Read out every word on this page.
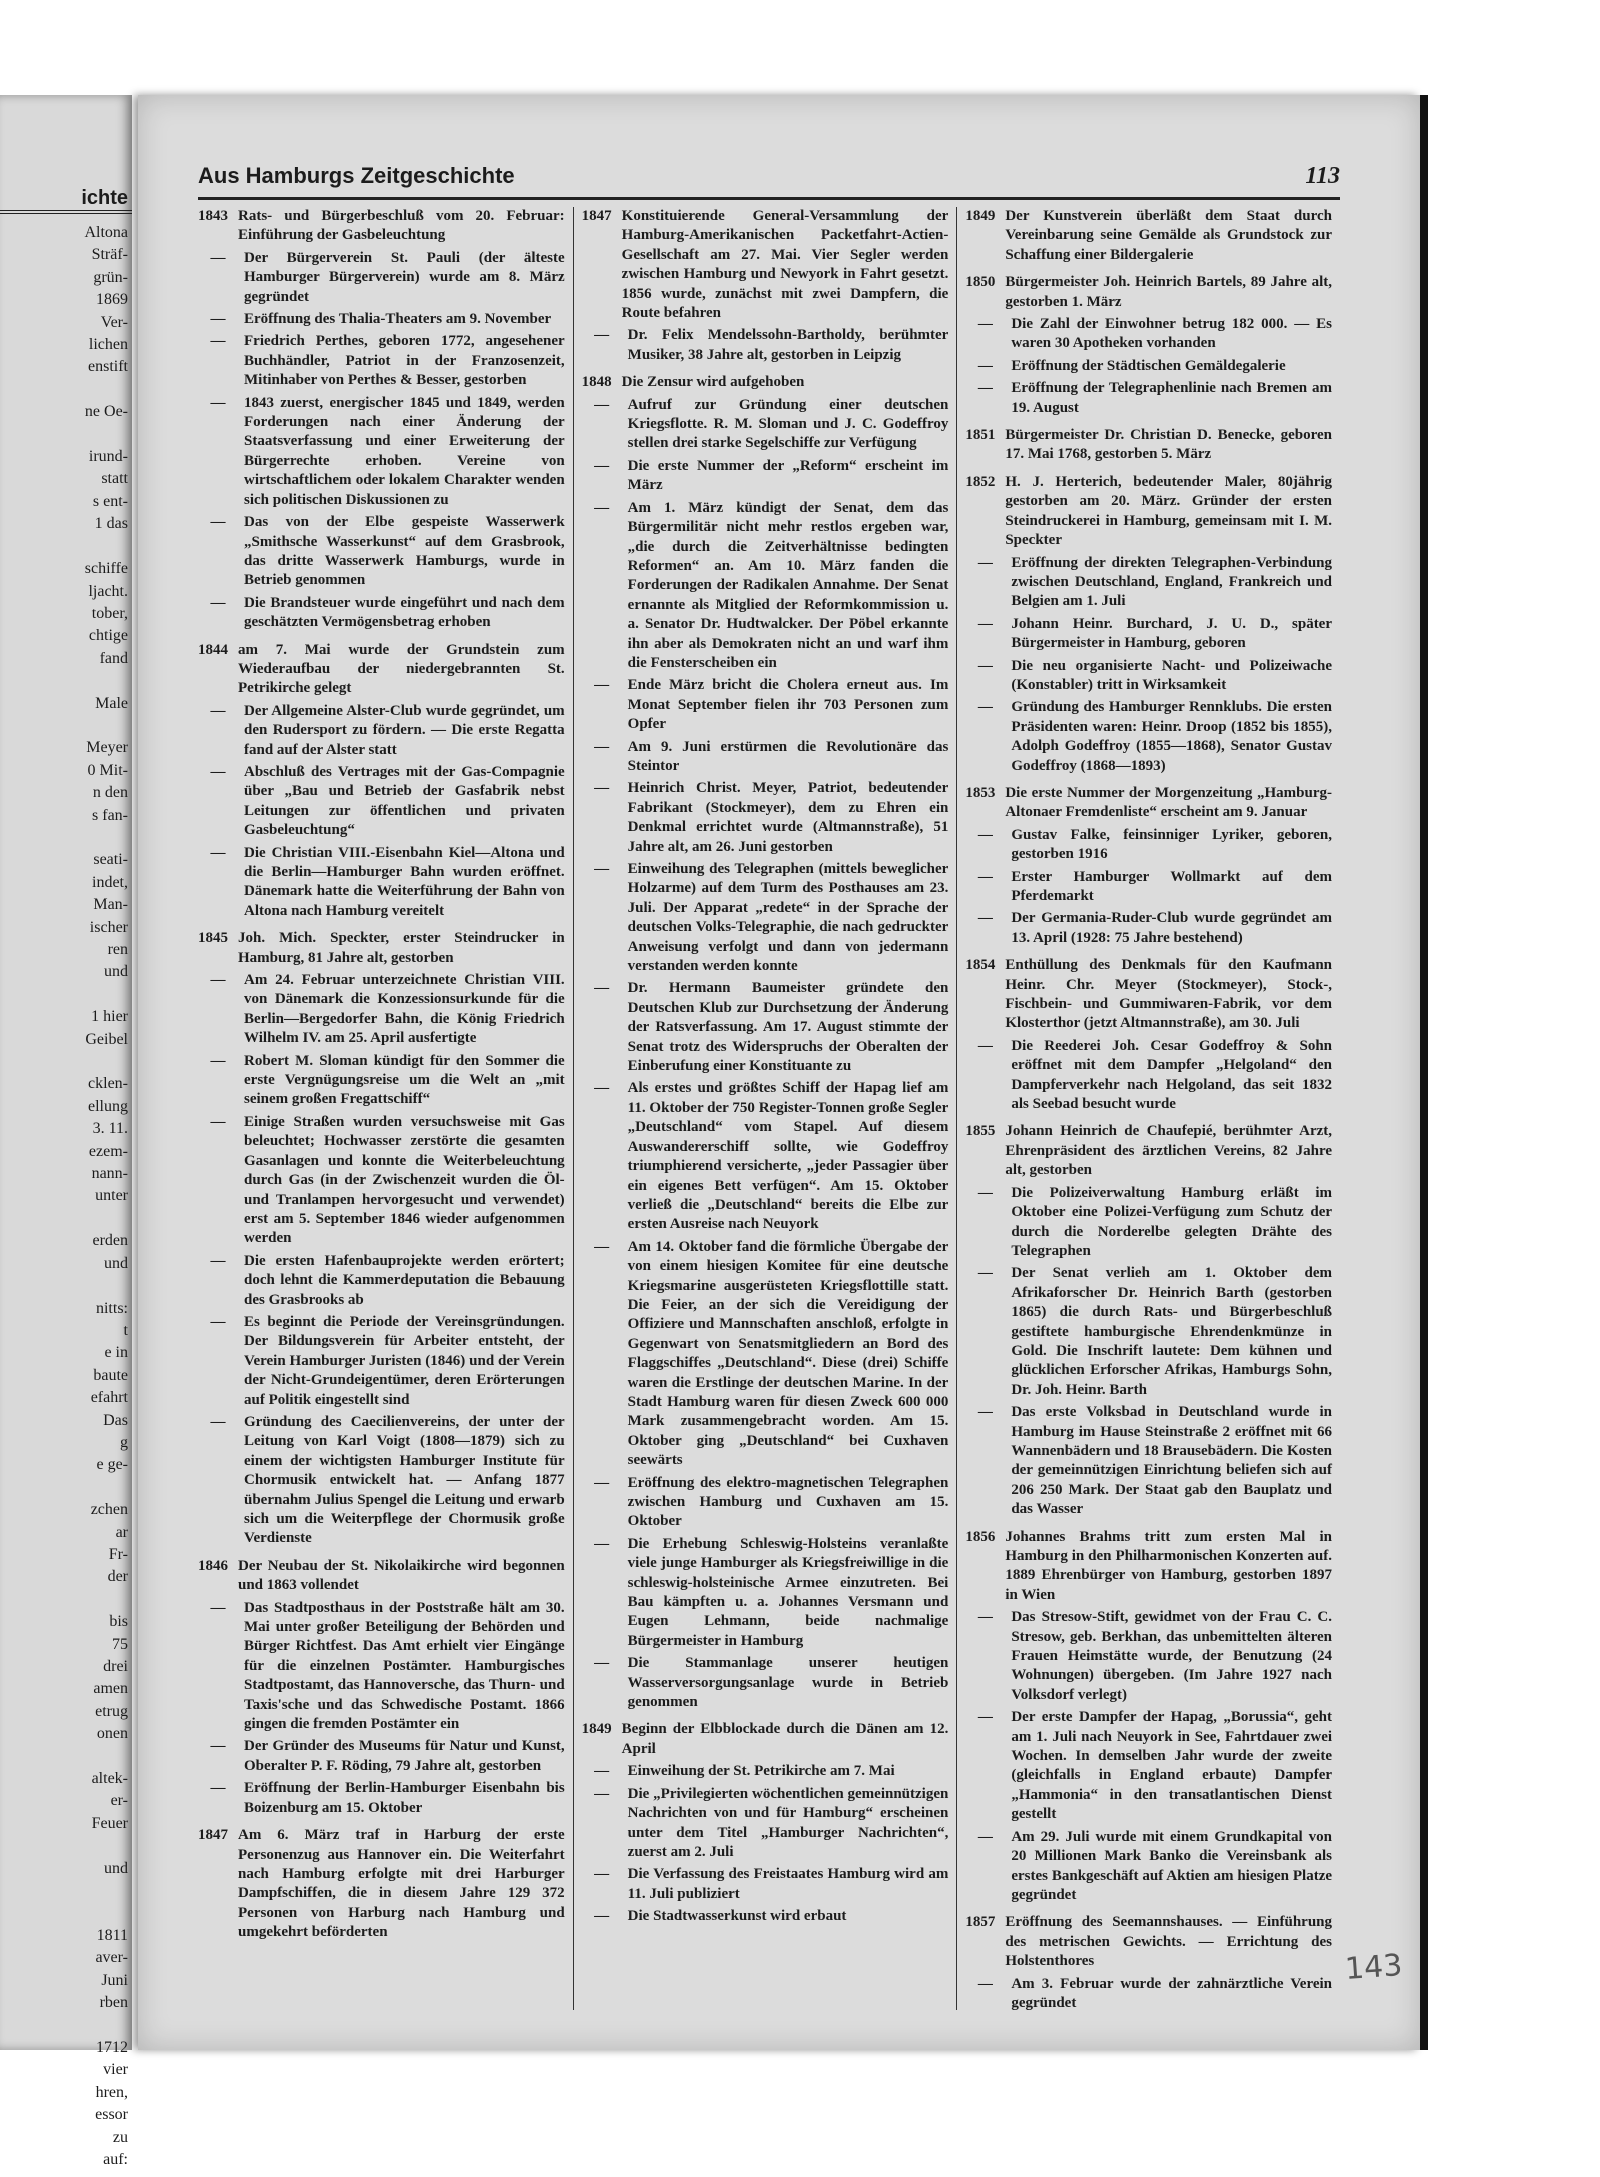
ichte

Altona

Sträf-

grün-

1869

Ver-

lichen

enstift

ne Oe-

irund-

statt

s ent-

1 das

schiffe

ljacht.

tober,

chtige

fand

Male

Meyer

0 Mit-

n den

s fan-

seati-

indet,

Man-

ischer

ren

und

1 hier

Geibel

cklen-

ellung

3. 11.

ezem-

nann-

unter

erden

und

nitts:

t

e in

baute

efahrt

Das

g

e ge-

zchen

ar

Fr-

der

bis

75

drei

amen

etrug

onen

altek-

er-

Feuer

und

1811

aver-

Juni

rben

1712

vier

hren,

essor

zu

auf:

Aus Hamburgs Zeitgeschichte	113
1843 Rats- und Bürgerbeschluß vom 20. Februar: Einführung der Gasbeleuchtung
—	Der Bürgerverein St. Pauli (der älteste Hamburger Bürgerverein) wurde am 8. März gegründet
—	Eröffnung des Thalia-Theaters am 9. November
—	Friedrich Perthes, geboren 1772, angesehener Buchhändler, Patriot in der Franzosenzeit, Mitinhaber von Perthes & Besser, gestorben
—	1843 zuerst, energischer 1845 und 1849, werden Forderungen nach einer Änderung der Staatsverfassung und einer Erweiterung der Bürgerrechte erhoben. Vereine von wirtschaftlichem oder lokalem Charakter wenden sich politischen Diskussionen zu
—	Das von der Elbe gespeiste Wasserwerk „Smithsche Wasserkunst“ auf dem Grasbrook, das dritte Wasserwerk Hamburgs, wurde in Betrieb genommen
—	Die Brandsteuer wurde eingeführt und nach dem geschätzten Vermögensbetrag erhoben
1844 am 7. Mai wurde der Grundstein zum Wiederaufbau der niedergebrannten St. Petrikirche gelegt
—	Der Allgemeine Alster-Club wurde gegründet, um den Rudersport zu fördern. — Die erste Regatta fand auf der Alster statt
—	Abschluß des Vertrages mit der Gas-Compagnie über „Bau und Betrieb der Gasfabrik nebst Leitungen zur öffentlichen und privaten Gasbeleuchtung“
—	Die Christian VIII.-Eisenbahn Kiel—Altona und die Berlin—Hamburger Bahn wurden eröffnet. Dänemark hatte die Weiterführung der Bahn von Altona nach Hamburg vereitelt
1845 Joh. Mich. Speckter, erster Steindrucker in Hamburg, 81 Jahre alt, gestorben
—	Am 24. Februar unterzeichnete Christian VIII. von Dänemark die Konzessionsurkunde für die Berlin—Bergedorfer Bahn, die König Friedrich Wilhelm IV. am 25. April ausfertigte
—	Robert M. Sloman kündigt für den Sommer die erste Vergnügungsreise um die Welt an „mit seinem großen Fregattschiff“
—	Einige Straßen wurden versuchsweise mit Gas beleuchtet; Hochwasser zerstörte die gesamten Gasanlagen und konnte die Weiterbeleuchtung durch Gas (in der Zwischenzeit wurden die Öl- und Tranlampen hervorgesucht und verwendet) erst am 5. September 1846 wieder aufgenommen werden
—	Die ersten Hafenbauprojekte werden erörtert; doch lehnt die Kammerdeputation die Bebauung des Grasbrooks ab
—	Es beginnt die Periode der Vereinsgründungen. Der Bildungsverein für Arbeiter entsteht, der Verein Hamburger Juristen (1846) und der Verein der Nicht-Grundeigentümer, deren Erörterungen auf Politik eingestellt sind
—	Gründung des Caecilienvereins, der unter der Leitung von Karl Voigt (1808—1879) sich zu einem der wichtigsten Hamburger Institute für Chormusik entwickelt hat. — Anfang 1877 übernahm Julius Spengel die Leitung und erwarb sich um die Weiterpflege der Chormusik große Verdienste
1846 Der Neubau der St. Nikolaikirche wird begonnen und 1863 vollendet
—	Das Stadtposthaus in der Poststraße hält am 30. Mai unter großer Beteiligung der Behörden und Bürger Richtfest. Das Amt erhielt vier Eingänge für die einzelnen Postämter. Hamburgisches Stadtpostamt, das Hannoversche, das Thurn- und Taxis'sche und das Schwedische Postamt. 1866 gingen die fremden Postämter ein
—	Der Gründer des Museums für Natur und Kunst, Oberalter P. F. Röding, 79 Jahre alt, gestorben
—	Eröffnung der Berlin-Hamburger Eisenbahn bis Boizenburg am 15. Oktober
1847 Am 6. März traf in Harburg der erste Personenzug aus Hannover ein. Die Weiterfahrt nach Hamburg erfolgte mit drei Harburger Dampfschiffen, die in diesem Jahre 129 372 Personen von Harburg nach Hamburg und umgekehrt beförderten
1847 Konstituierende General-Versammlung der Hamburg-Amerikanischen Packetfahrt-Actien-Gesellschaft am 27. Mai. Vier Segler werden zwischen Hamburg und Newyork in Fahrt gesetzt. 1856 wurde, zunächst mit zwei Dampfern, die Route befahren
—	Dr. Felix Mendelssohn-Bartholdy, berühmter Musiker, 38 Jahre alt, gestorben in Leipzig
1848 Die Zensur wird aufgehoben
—	Aufruf zur Gründung einer deutschen Kriegsflotte. R. M. Sloman und J. C. Godeffroy stellen drei starke Segelschiffe zur Verfügung
—	Die erste Nummer der „Reform“ erscheint im März
—	Am 1. März kündigt der Senat, dem das Bürgermilitär nicht mehr restlos ergeben war, „die durch die Zeitverhältnisse bedingten Reformen“ an. Am 10. März fanden die Forderungen der Radikalen Annahme. Der Senat ernannte als Mitglied der Reformkommission u. a. Senator Dr. Hudtwalcker. Der Pöbel erkannte ihn aber als Demokraten nicht an und warf ihm die Fensterscheiben ein
—	Ende März bricht die Cholera erneut aus. Im Monat September fielen ihr 703 Personen zum Opfer
—	Am 9. Juni erstürmen die Revolutionäre das Steintor
—	Heinrich Christ. Meyer, Patriot, bedeutender Fabrikant (Stockmeyer), dem zu Ehren ein Denkmal errichtet wurde (Altmannstraße), 51 Jahre alt, am 26. Juni gestorben
—	Einweihung des Telegraphen (mittels beweglicher Holzarme) auf dem Turm des Posthauses am 23. Juli. Der Apparat „redete“ in der Sprache der deutschen Volks-Telegraphie, die nach gedruckter Anweisung verfolgt und dann von jedermann verstanden werden konnte
—	Dr. Hermann Baumeister gründete den Deutschen Klub zur Durchsetzung der Änderung der Ratsverfassung. Am 17. August stimmte der Senat trotz des Widerspruchs der Oberalten der Einberufung einer Konstituante zu
—	Als erstes und größtes Schiff der Hapag lief am 11. Oktober der 750 Register-Tonnen große Segler „Deutschland“ vom Stapel. Auf diesem Auswandererschiff sollte, wie Godeffroy triumphierend versicherte, „jeder Passagier über ein eigenes Bett verfügen“. Am 15. Oktober verließ die „Deutschland“ bereits die Elbe zur ersten Ausreise nach Neuyork
—	Am 14. Oktober fand die förmliche Übergabe der von einem hiesigen Komitee für eine deutsche Kriegsmarine ausgerüsteten Kriegsflottille statt. Die Feier, an der sich die Vereidigung der Offiziere und Mannschaften anschloß, erfolgte in Gegenwart von Senatsmitgliedern an Bord des Flaggschiffes „Deutschland“. Diese (drei) Schiffe waren die Erstlinge der deutschen Marine. In der Stadt Hamburg waren für diesen Zweck 600 000 Mark zusammengebracht worden. Am 15. Oktober ging „Deutschland“ bei Cuxhaven seewärts
—	Eröffnung des elektro-magnetischen Telegraphen zwischen Hamburg und Cuxhaven am 15. Oktober
—	Die Erhebung Schleswig-Holsteins veranlaßte viele junge Hamburger als Kriegsfreiwillige in die schleswig-holsteinische Armee einzutreten. Bei Bau kämpften u. a. Johannes Versmann und Eugen Lehmann, beide nachmalige Bürgermeister in Hamburg
—	Die Stammanlage unserer heutigen Wasserversorgungsanlage wurde in Betrieb genommen
1849 Beginn der Elbblockade durch die Dänen am 12. April
—	Einweihung der St. Petrikirche am 7. Mai
—	Die „Privilegierten wöchentlichen gemeinnützigen Nachrichten von und für Hamburg“ erscheinen unter dem Titel „Hamburger Nachrichten“, zuerst am 2. Juli
—	Die Verfassung des Freistaates Hamburg wird am 11. Juli publiziert
—	Die Stadtwasserkunst wird erbaut
1849 Der Kunstverein überläßt dem Staat durch Vereinbarung seine Gemälde als Grundstock zur Schaffung einer Bildergalerie
1850 Bürgermeister Joh. Heinrich Bartels, 89 Jahre alt, gestorben 1. März
—	Die Zahl der Einwohner betrug 182 000. — Es waren 30 Apotheken vorhanden
—	Eröffnung der Städtischen Gemäldegalerie
—	Eröffnung der Telegraphenlinie nach Bremen am 19. August
1851 Bürgermeister Dr. Christian D. Benecke, geboren 17. Mai 1768, gestorben 5. März
1852 H. J. Herterich, bedeutender Maler, 80jährig gestorben am 20. März. Gründer der ersten Steindruckerei in Hamburg, gemeinsam mit I. M. Speckter
—	Eröffnung der direkten Telegraphen-Verbindung zwischen Deutschland, England, Frankreich und Belgien am 1. Juli
—	Johann Heinr. Burchard, J. U. D., später Bürgermeister in Hamburg, geboren
—	Die neu organisierte Nacht- und Polizeiwache (Konstabler) tritt in Wirksamkeit
—	Gründung des Hamburger Rennklubs. Die ersten Präsidenten waren: Heinr. Droop (1852 bis 1855), Adolph Godeffroy (1855—1868), Senator Gustav Godeffroy (1868—1893)
1853 Die erste Nummer der Morgenzeitung „Hamburg-Altonaer Fremdenliste“ erscheint am 9. Januar
—	Gustav Falke, feinsinniger Lyriker, geboren, gestorben 1916
—	Erster Hamburger Wollmarkt auf dem Pferdemarkt
—	Der Germania-Ruder-Club wurde gegründet am 13. April (1928: 75 Jahre bestehend)
1854 Enthüllung des Denkmals für den Kaufmann Heinr. Chr. Meyer (Stockmeyer), Stock-, Fischbein- und Gummiwaren-Fabrik, vor dem Klosterthor (jetzt Altmannstraße), am 30. Juli
—	Die Reederei Joh. Cesar Godeffroy & Sohn eröffnet mit dem Dampfer „Helgoland“ den Dampferverkehr nach Helgoland, das seit 1832 als Seebad besucht wurde
1855 Johann Heinrich de Chaufepié, berühmter Arzt, Ehrenpräsident des ärztlichen Vereins, 82 Jahre alt, gestorben
—	Die Polizeiverwaltung Hamburg erläßt im Oktober eine Polizei-Verfügung zum Schutz der durch die Norderelbe gelegten Drähte des Telegraphen
—	Der Senat verlieh am 1. Oktober dem Afrikaforscher Dr. Heinrich Barth (gestorben 1865) die durch Rats- und Bürgerbeschluß gestiftete hamburgische Ehrendenkmünze in Gold. Die Inschrift lautete: Dem kühnen und glücklichen Erforscher Afrikas, Hamburgs Sohn, Dr. Joh. Heinr. Barth
—	Das erste Volksbad in Deutschland wurde in Hamburg im Hause Steinstraße 2 eröffnet mit 66 Wannenbädern und 18 Brausebädern. Die Kosten der gemeinnützigen Einrichtung beliefen sich auf 206 250 Mark. Der Staat gab den Bauplatz und das Wasser
1856 Johannes Brahms tritt zum ersten Mal in Hamburg in den Philharmonischen Konzerten auf. 1889 Ehrenbürger von Hamburg, gestorben 1897 in Wien
—	Das Stresow-Stift, gewidmet von der Frau C. C. Stresow, geb. Berkhan, das unbemittelten älteren Frauen Heimstätte wurde, der Benutzung (24 Wohnungen) übergeben. (Im Jahre 1927 nach Volksdorf verlegt)
—	Der erste Dampfer der Hapag, „Borussia“, geht am 1. Juli nach Neuyork in See, Fahrtdauer zwei Wochen. In demselben Jahr wurde der zweite (gleichfalls in England erbaute) Dampfer „Hammonia“ in den transatlantischen Dienst gestellt
—	Am 29. Juli wurde mit einem Grundkapital von 20 Millionen Mark Banko die Vereinsbank als erstes Bankgeschäft auf Aktien am hiesigen Platze gegründet
1857 Eröffnung des Seemannshauses. — Einführung des metrischen Gewichts. — Errichtung des Holstenthores
—	Am 3. Februar wurde der zahnärztliche Verein gegründet
143
